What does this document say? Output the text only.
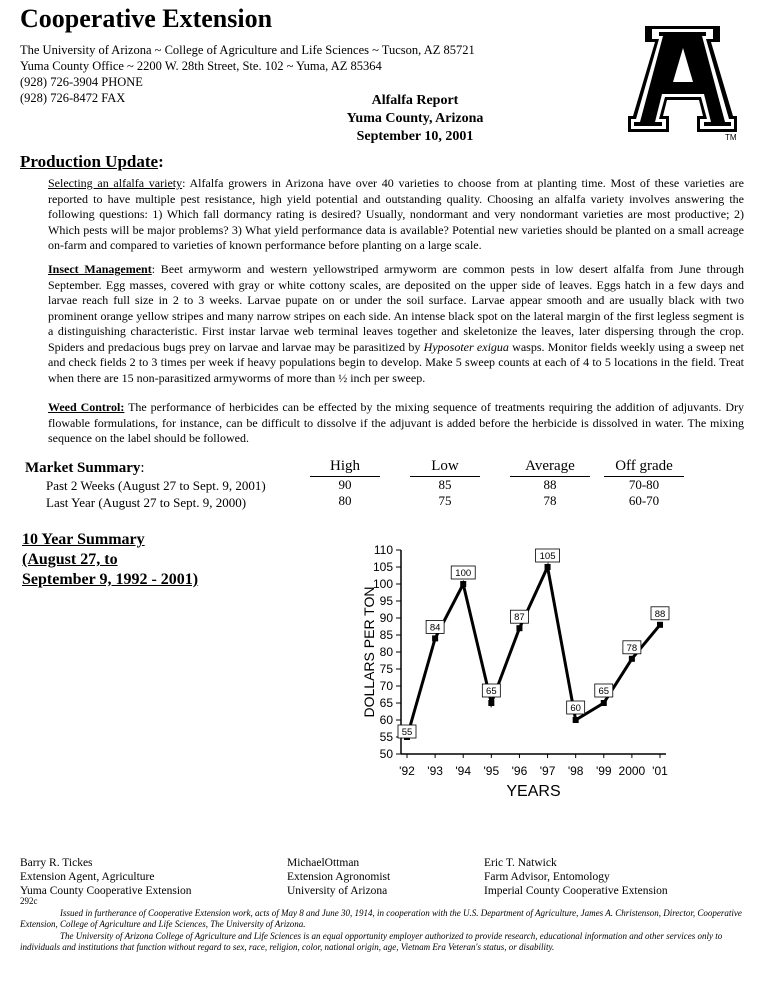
Cooperative Extension
The University of Arizona ~ College of Agriculture and Life Sciences ~ Tucson, AZ 85721
Yuma County Office ~ 2200 W. 28th Street, Ste. 102 ~ Yuma, AZ 85364
(928) 726-3904 PHONE
(928) 726-8472 FAX	Alfalfa Report
Yuma County, Arizona
September 10, 2001	TM
Production Update:
Selecting an alfalfa variety: Alfalfa growers in Arizona have over 40 varieties to choose from at planting time. Most of these varieties are reported to have multiple pest resistance, high yield potential and outstanding quality. Choosing an alfalfa variety involves answering the following questions: 1) Which fall dormancy rating is desired? Usually, nondormant and very nondormant varieties are most productive; 2) Which pests will be major problems? 3) What yield performance data is available? Potential new varieties should be planted on a small acreage on-farm and compared to varieties of known performance before planting on a large scale.
Insect Management: Beet armyworm and western yellowstriped armyworm are common pests in low desert alfalfa from June through September. Egg masses, covered with gray or white cottony scales, are deposited on the upper side of leaves. Eggs hatch in a few days and larvae reach full size in 2 to 3 weeks. Larvae pupate on or under the soil surface. Larvae appear smooth and are usually black with two prominent orange yellow stripes and many narrow stripes on each side. An intense black spot on the lateral margin of the first legless segment is a distinguishing characteristic. First instar larvae web terminal leaves together and skeletonize the leaves, later dispersing through the crop. Spiders and predacious bugs prey on larvae and larvae may be parasitized by Hyposoter exigua wasps. Monitor fields weekly using a sweep net and check fields 2 to 3 times per week if heavy populations begin to develop. Make 5 sweep counts at each of 4 to 5 locations in the field. Treat when there are 15 non-parasitized armyworms of more than ½ inch per sweep.
Weed Control: The performance of herbicides can be effected by the mixing sequence of treatments requiring the addition of adjuvants. Dry flowable formulations, for instance, can be difficult to dissolve if the adjuvant is added before the herbicide is dissolved in water. The mixing sequence on the label should be followed.
Market Summary:
Past 2 Weeks (August 27 to Sept. 9, 2001)
Last Year (August 27 to Sept. 9, 2000)
High
90
80
Low
85
75
Average
88
78
Off grade
70-80
60-70
10 Year Summary
(August 27, to
September 9, 1992 - 2001)
50
55
60
65
70
75
80
85
90
95
100
105
110
'92 '93 '94 '95 '96 '97 '98 '99 2000 '01
DOLLARS PER TON
YEARS
55
84
100
65
87
105
60
65
78
88
Barry R. Tickes
Extension Agent, Agriculture
Yuma County Cooperative Extension
MichaelOttman
Extension Agronomist
University of Arizona
Eric T. Natwick
Farm Advisor, Entomology
Imperial County Cooperative Extension
292c
Issued in furtherance of Cooperative Extension work, acts of May 8 and June 30, 1914, in cooperation with the U.S. Department of Agriculture, James A. Christenson, Director, Cooperative Extension, College of Agriculture and Life Sciences, The University of Arizona.
The University of Arizona College of Agriculture and Life Sciences is an equal opportunity employer authorized to provide research, educational information and other services only to individuals and institutions that function without regard to sex, race, religion, color, national origin, age, Vietnam Era Veteran's status, or disability.
